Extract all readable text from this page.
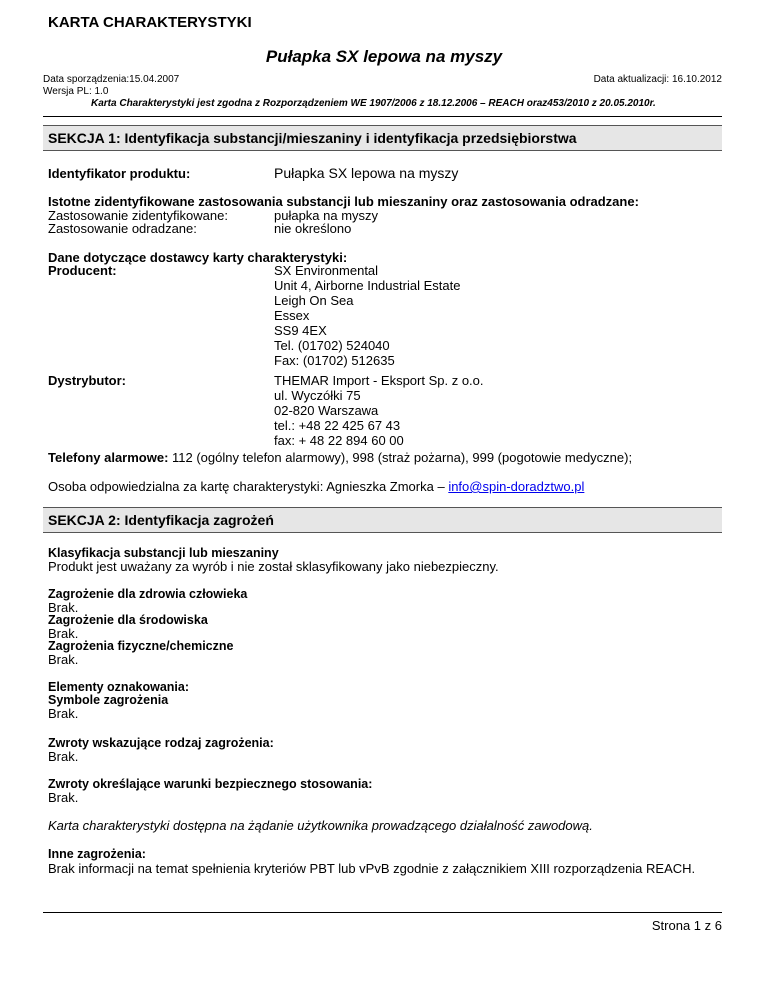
KARTA CHARAKTERYSTYKI
Pułapka SX lepowa na myszy
Data sporządzenia:15.04.2007	Data aktualizacji: 16.10.2012
Wersja PL: 1.0
Karta Charakterystyki jest zgodna z Rozporządzeniem WE 1907/2006 z 18.12.2006 – REACH oraz453/2010 z 20.05.2010r.
SEKCJA 1: Identyfikacja substancji/mieszaniny i identyfikacja przedsiębiorstwa
Identyfikator produktu:	Pułapka SX lepowa na myszy
Istotne zidentyfikowane zastosowania substancji lub mieszaniny oraz zastosowania odradzane:
Zastosowanie zidentyfikowane:	pułapka na myszy
Zastosowanie odradzane:	nie określono
Dane dotyczące dostawcy karty charakterystyki:
Producent:	SX Environmental
Unit 4, Airborne Industrial Estate
Leigh On Sea
Essex
SS9 4EX
Tel. (01702) 524040
Fax: (01702) 512635
Dystrybutor:	THEMAR Import - Eksport Sp. z o.o.
ul. Wyczółki 75
02-820 Warszawa
tel.: +48 22 425 67 43
fax: + 48 22 894 60 00
Telefony alarmowe: 112 (ogólny telefon alarmowy), 998 (straż pożarna), 999 (pogotowie medyczne);
Osoba odpowiedzialna za kartę charakterystyki: Agnieszka Zmorka – info@spin-doradztwo.pl
SEKCJA 2: Identyfikacja zagrożeń
Klasyfikacja substancji lub mieszaniny
Produkt jest uważany za wyrób i nie został sklasyfikowany jako niebezpieczny.
Zagrożenie dla zdrowia człowieka
Brak.
Zagrożenie dla środowiska
Brak.
Zagrożenia fizyczne/chemiczne
Brak.
Elementy oznakowania:
Symbole zagrożenia
Brak.
Zwroty wskazujące rodzaj zagrożenia:
Brak.
Zwroty określające warunki bezpiecznego stosowania:
Brak.
Karta charakterystyki dostępna na żądanie użytkownika prowadzącego działalność zawodową.
Inne zagrożenia:
Brak informacji na temat spełnienia kryteriów PBT lub vPvB zgodnie z załącznikiem XIII rozporządzenia REACH.
Strona 1 z 6
